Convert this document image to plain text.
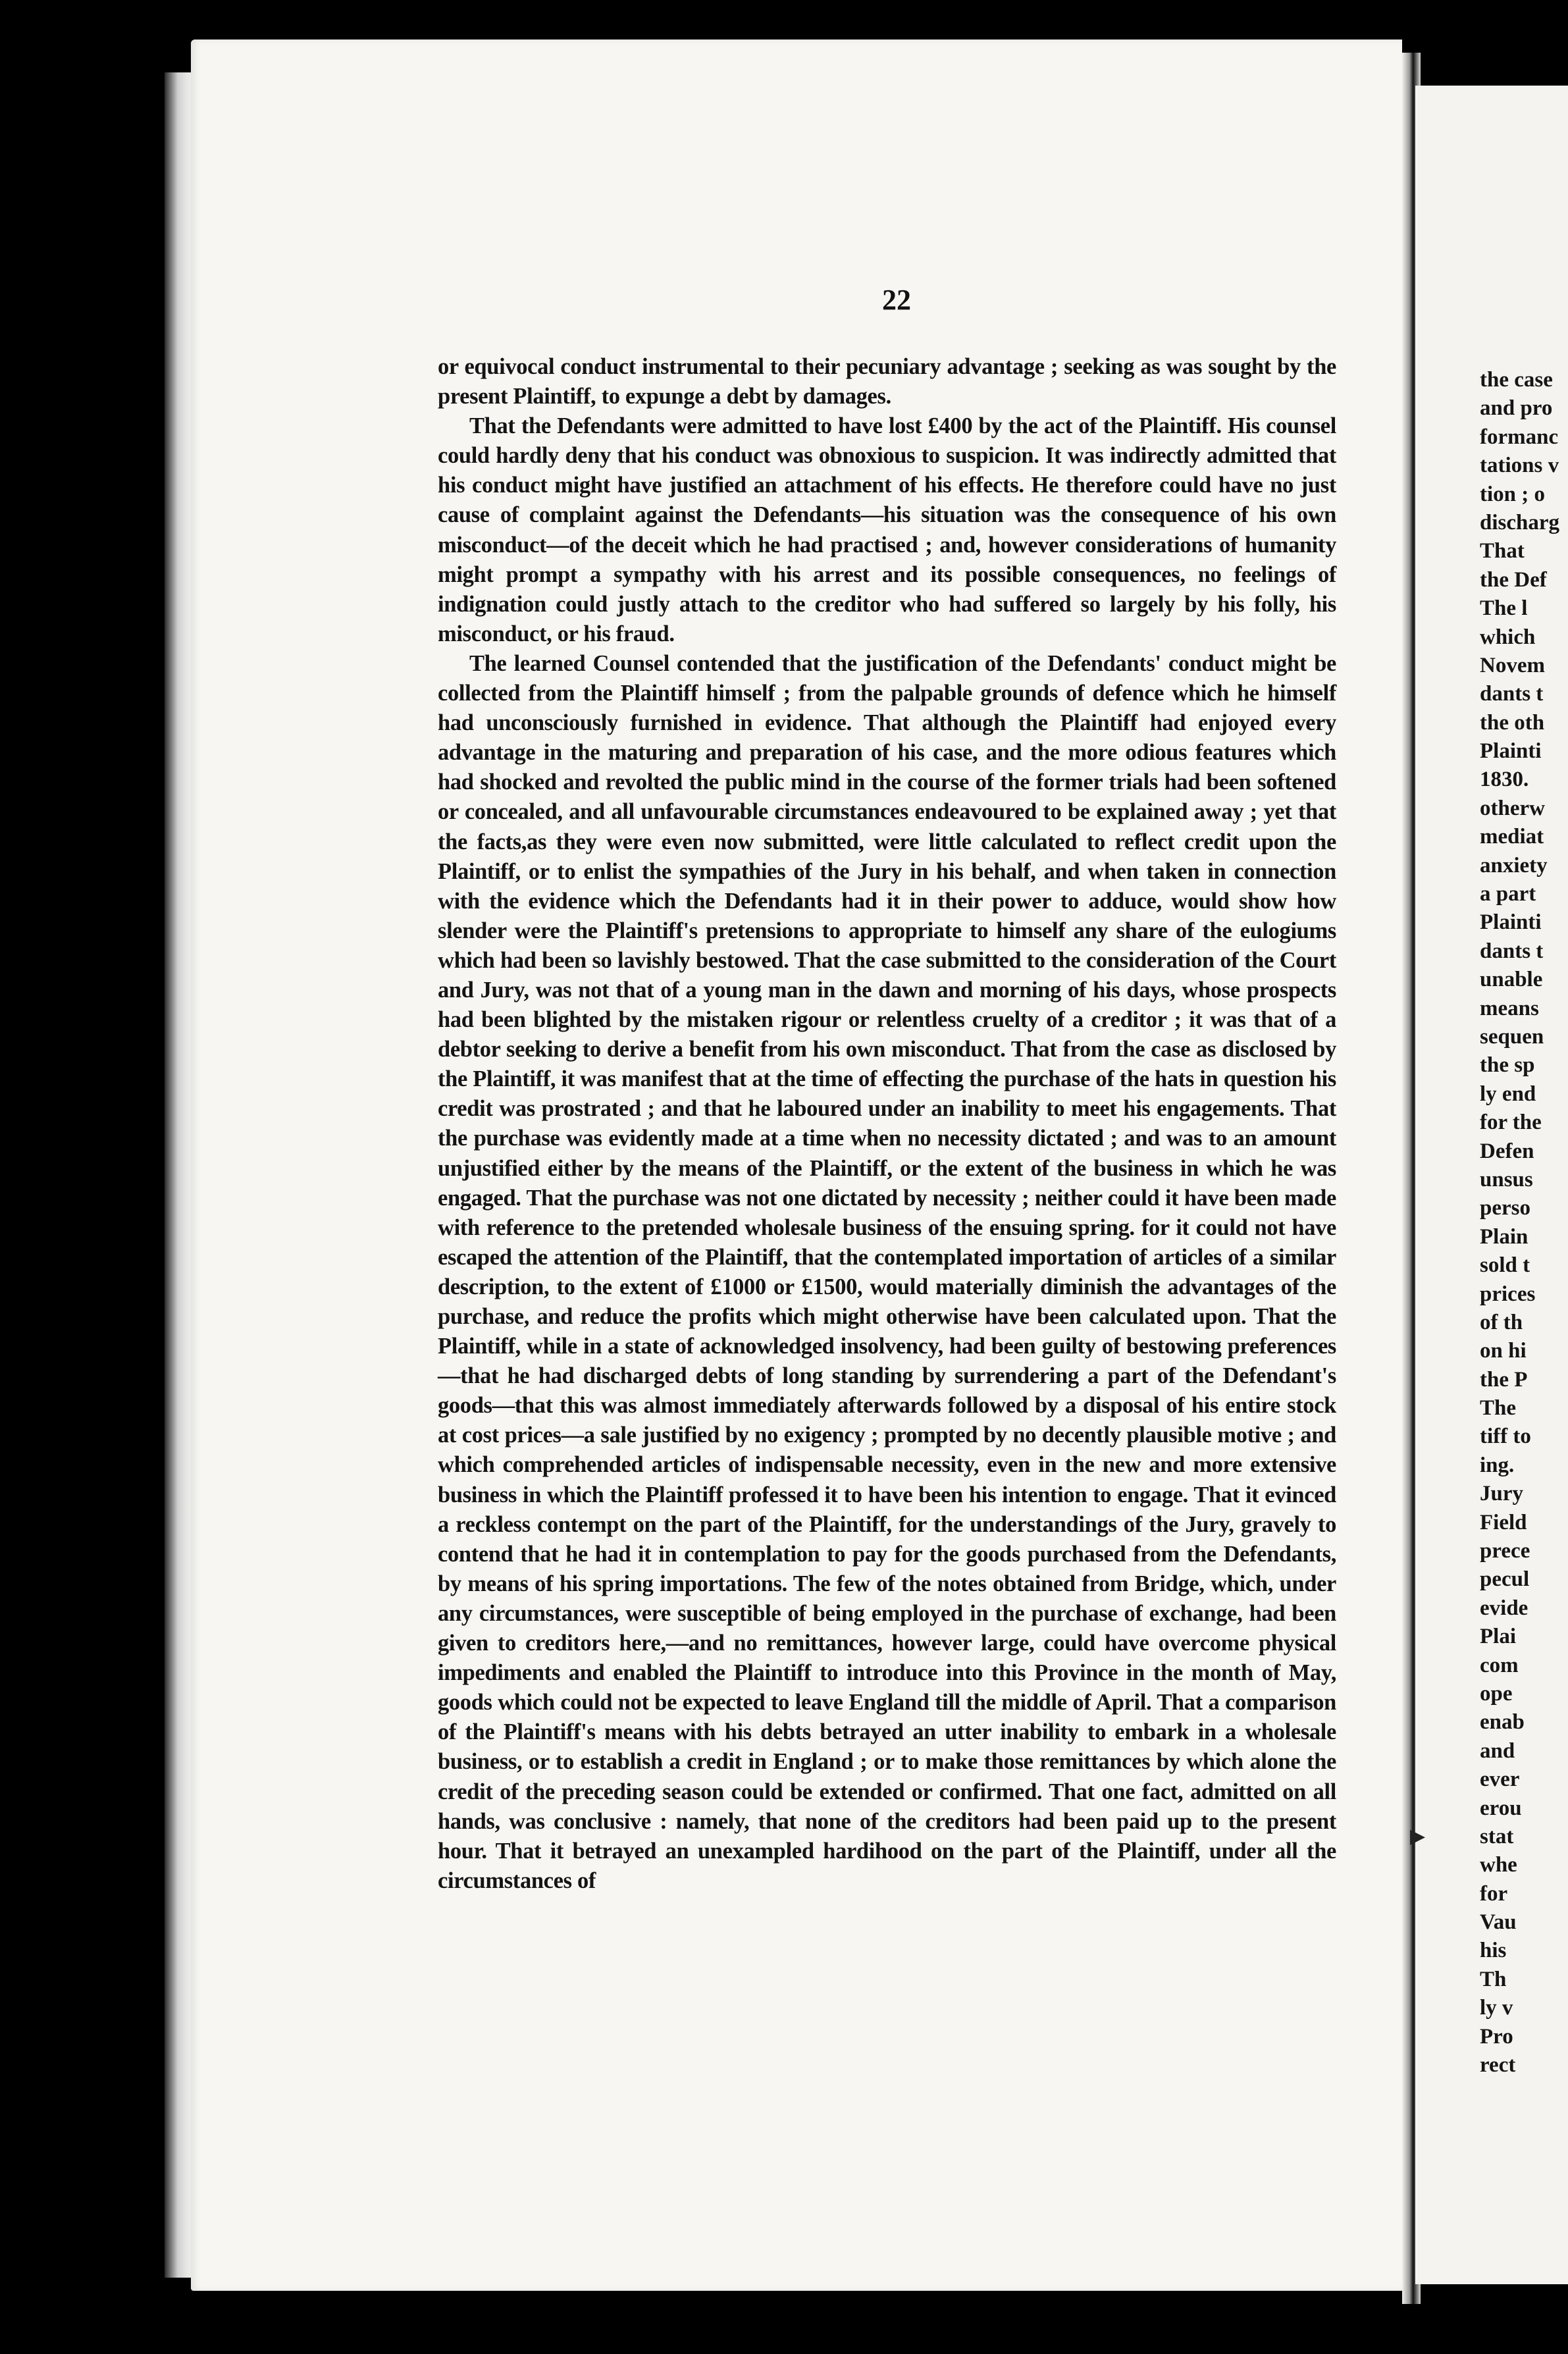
22

or equivocal conduct instrumental to their pecuniary advantage ; seeking as was sought by the present Plaintiff, to expunge a debt by damages.

That the Defendants were admitted to have lost £400 by the act of the Plaintiff. His counsel could hardly deny that his conduct was obnoxious to suspicion. It was indirectly admitted that his conduct might have justified an attachment of his effects. He therefore could have no just cause of complaint against the Defendants—his situation was the consequence of his own misconduct—of the deceit which he had practised ; and, however considerations of humanity might prompt a sympathy with his arrest and its possible consequences, no feelings of indignation could justly attach to the creditor who had suffered so largely by his folly, his misconduct, or his fraud.

The learned Counsel contended that the justification of the Defendants' conduct might be collected from the Plaintiff himself ; from the palpable grounds of defence which he himself had unconsciously furnished in evidence. That although the Plaintiff had enjoyed every advantage in the maturing and preparation of his case, and the more odious features which had shocked and revolted the public mind in the course of the former trials had been softened or concealed, and all unfavourable circumstances endeavoured to be explained away ; yet that the facts,as they were even now submitted, were little calculated to reflect credit upon the Plaintiff, or to enlist the sympathies of the Jury in his behalf, and when taken in connection with the evidence which the Defendants had it in their power to adduce, would show how slender were the Plaintiff's pretensions to appropriate to himself any share of the eulogiums which had been so lavishly bestowed. That the case submitted to the consideration of the Court and Jury, was not that of a young man in the dawn and morning of his days, whose prospects had been blighted by the mistaken rigour or relentless cruelty of a creditor ; it was that of a debtor seeking to derive a benefit from his own misconduct. That from the case as disclosed by the Plaintiff, it was manifest that at the time of effecting the purchase of the hats in question his credit was prostrated ; and that he laboured under an inability to meet his engagements. That the purchase was evidently made at a time when no necessity dictated ; and was to an amount unjustified either by the means of the Plaintiff, or the extent of the business in which he was engaged. That the purchase was not one dictated by necessity ; neither could it have been made with reference to the pretended wholesale business of the ensuing spring. for it could not have escaped the attention of the Plaintiff, that the contemplated importation of articles of a similar description, to the extent of £1000 or £1500, would materially diminish the advantages of the purchase, and reduce the profits which might otherwise have been calculated upon. That the Plaintiff, while in a state of acknowledged insolvency, had been guilty of bestowing preferences—that he had discharged debts of long standing by surrendering a part of the Defendant's goods—that this was almost immediately afterwards followed by a disposal of his entire stock at cost prices—a sale justified by no exigency ; prompted by no decently plausible motive ; and which comprehended articles of indispensable necessity, even in the new and more extensive business in which the Plaintiff professed it to have been his intention to engage. That it evinced a reckless contempt on the part of the Plaintiff, for the understandings of the Jury, gravely to contend that he had it in contemplation to pay for the goods purchased from the Defendants, by means of his spring importations. The few of the notes obtained from Bridge, which, under any circumstances, were susceptible of being employed in the purchase of exchange, had been given to creditors here,—and no remittances, however large, could have overcome physical impediments and enabled the Plaintiff to introduce into this Province in the month of May, goods which could not be expected to leave England till the middle of April. That a comparison of the Plaintiff's means with his debts betrayed an utter inability to embark in a wholesale business, or to establish a credit in England ; or to make those remittances by which alone the credit of the preceding season could be extended or confirmed. That one fact, admitted on all hands, was conclusive : namely, that none of the creditors had been paid up to the present hour. That it betrayed an unexampled hardihood on the part of the Plaintiff, under all the circumstances of

the case
and pro
formanc
tations v
tion ; o
discharg
That
the Def
The l
which
Novem
dants t
the oth
Plainti
1830.
otherw
mediat
anxiety
a part
Plainti
dants t
unable
means
sequen
the sp
ly end
for the
Defen
unsus
perso
Plain
sold t
prices
of th
on hi
the P
The
tiff to
ing.
Jury
Field
prece
pecul
evide
Plai
com
ope
enab
and
ever
erou
stat
whe
for
Vau
his
Th
ly v
Pro
rect
▶
